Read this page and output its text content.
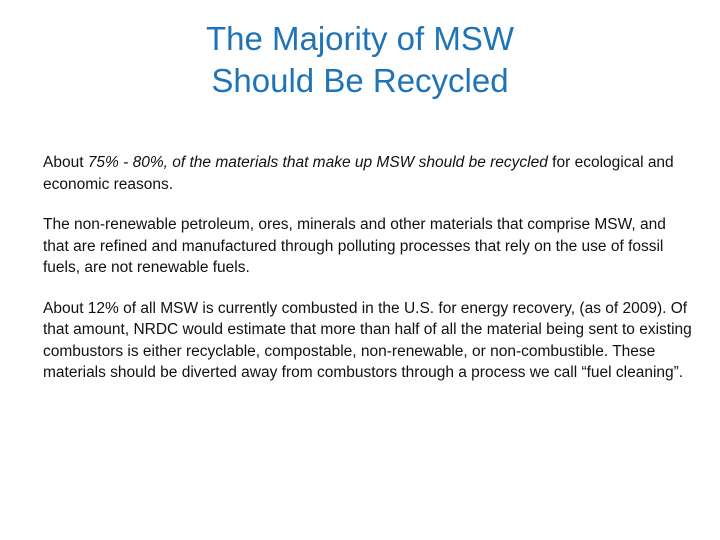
The Majority of MSW
Should Be Recycled

About 75% - 80%, of the materials that make up MSW should be recycled for ecological and economic reasons.

The non-renewable petroleum, ores, minerals and other materials that comprise MSW, and that are refined and manufactured through polluting processes that rely on the use of fossil fuels, are not renewable fuels.

About 12% of all MSW is currently combusted in the U.S. for energy recovery, (as of 2009). Of that amount, NRDC would estimate that more than half of all the material being sent to existing combustors is either recyclable, compostable, non-renewable, or non-combustible. These materials should be diverted away from combustors through a process we call “fuel cleaning”.
